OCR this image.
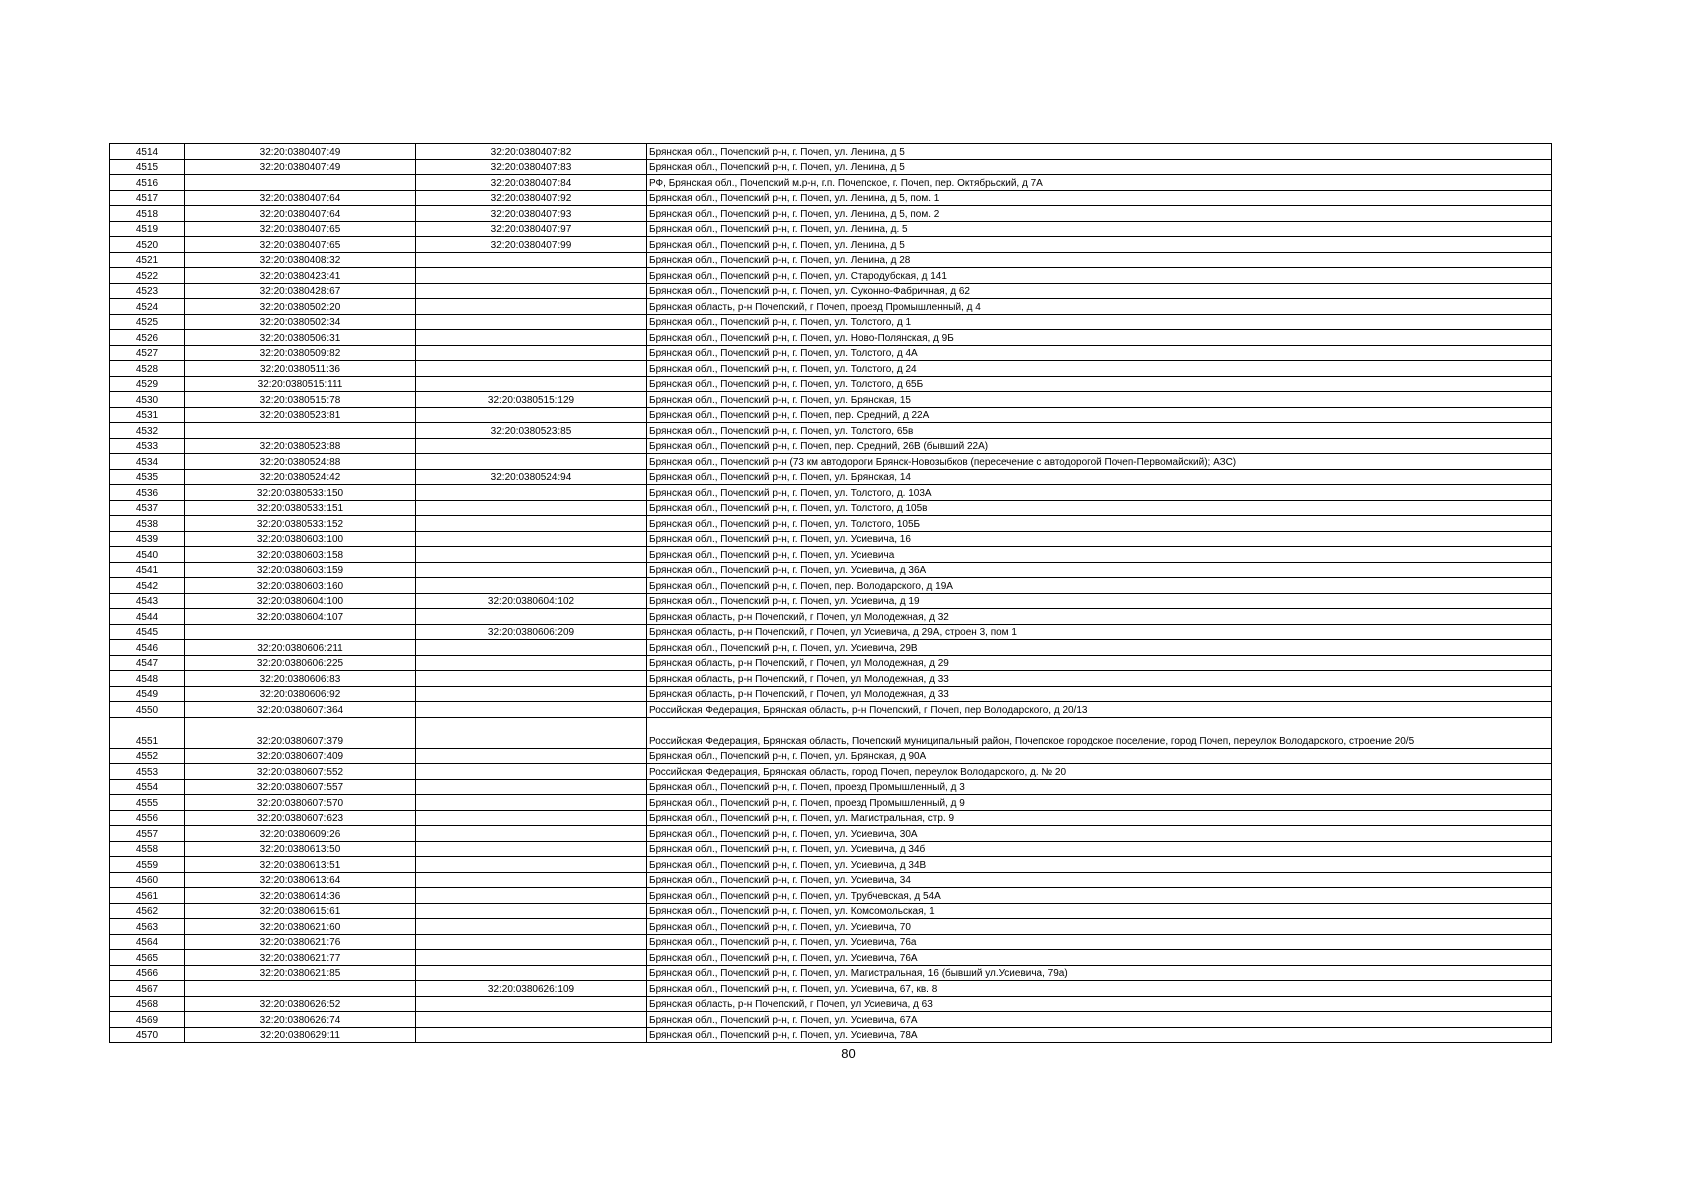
4514	32:20:0380407:49	32:20:0380407:82	Брянская обл., Почепский р-н, г. Почеп, ул. Ленина, д 5
4515	32:20:0380407:49	32:20:0380407:83	Брянская обл., Почепский р-н, г. Почеп, ул. Ленина, д 5
4516		32:20:0380407:84	РФ, Брянская обл., Почепский м.р-н, г.п. Почепское, г. Почеп, пер. Октябрьский, д 7А
4517	32:20:0380407:64	32:20:0380407:92	Брянская обл., Почепский р-н, г. Почеп, ул. Ленина, д 5, пом. 1
4518	32:20:0380407:64	32:20:0380407:93	Брянская обл., Почепский р-н, г. Почеп, ул. Ленина, д 5, пом. 2
4519	32:20:0380407:65	32:20:0380407:97	Брянская обл., Почепский р-н, г. Почеп, ул. Ленина, д. 5
4520	32:20:0380407:65	32:20:0380407:99	Брянская обл., Почепский р-н, г. Почеп, ул. Ленина, д 5
4521	32:20:0380408:32		Брянская обл., Почепский р-н, г. Почеп, ул. Ленина, д 28
4522	32:20:0380423:41		Брянская обл., Почепский р-н, г. Почеп, ул. Стародубская, д 141
4523	32:20:0380428:67		Брянская обл., Почепский р-н, г. Почеп, ул. Суконно-Фабричная, д 62
4524	32:20:0380502:20		Брянская область, р-н Почепский, г Почеп, проезд Промышленный, д 4
4525	32:20:0380502:34		Брянская обл., Почепский р-н, г. Почеп, ул. Толстого, д 1
4526	32:20:0380506:31		Брянская обл., Почепский р-н, г. Почеп, ул. Ново-Полянская, д 9Б
4527	32:20:0380509:82		Брянская обл., Почепский р-н, г. Почеп, ул. Толстого, д 4А
4528	32:20:0380511:36		Брянская обл., Почепский р-н, г. Почеп, ул. Толстого, д 24
4529	32:20:0380515:111		Брянская обл., Почепский р-н, г. Почеп, ул. Толстого, д 65Б
4530	32:20:0380515:78	32:20:0380515:129	Брянская обл., Почепский р-н, г. Почеп, ул. Брянская, 15
4531	32:20:0380523:81		Брянская обл., Почепский р-н, г. Почеп, пер. Средний, д 22А
4532		32:20:0380523:85	Брянская обл., Почепский р-н, г. Почеп, ул. Толстого, 65в
4533	32:20:0380523:88		Брянская обл., Почепский р-н, г. Почеп, пер. Средний, 26В (бывший 22А)
4534	32:20:0380524:88		Брянская обл., Почепский р-н (73 км автодороги Брянск-Новозыбков (пересечение с автодорогой Почеп-Первомайский); АЗС)
4535	32:20:0380524:42	32:20:0380524:94	Брянская обл., Почепский р-н, г. Почеп, ул. Брянская, 14
4536	32:20:0380533:150		Брянская обл., Почепский р-н, г. Почеп, ул. Толстого, д. 103А
4537	32:20:0380533:151		Брянская обл., Почепский р-н, г. Почеп, ул. Толстого, д 105в
4538	32:20:0380533:152		Брянская обл., Почепский р-н, г. Почеп, ул. Толстого, 105Б
4539	32:20:0380603:100		Брянская обл., Почепский р-н, г. Почеп, ул. Усиевича, 16
4540	32:20:0380603:158		Брянская обл., Почепский р-н, г. Почеп, ул. Усиевича
4541	32:20:0380603:159		Брянская обл., Почепский р-н, г. Почеп, ул. Усиевича, д 36А
4542	32:20:0380603:160		Брянская обл., Почепский р-н, г. Почеп, пер. Володарского, д 19А
4543	32:20:0380604:100	32:20:0380604:102	Брянская обл., Почепский р-н, г. Почеп, ул. Усиевича, д 19
4544	32:20:0380604:107		Брянская область, р-н Почепский, г Почеп, ул Молодежная, д 32
4545		32:20:0380606:209	Брянская область, р-н Почепский, г Почеп, ул Усиевича, д 29А, строен 3, пом 1
4546	32:20:0380606:211		Брянская обл., Почепский р-н, г. Почеп, ул. Усиевича, 29В
4547	32:20:0380606:225		Брянская область, р-н Почепский, г Почеп, ул Молодежная, д 29
4548	32:20:0380606:83		Брянская область, р-н Почепский, г Почеп, ул Молодежная, д 33
4549	32:20:0380606:92		Брянская область, р-н Почепский, г Почеп, ул Молодежная, д 33
4550	32:20:0380607:364		Российская Федерация, Брянская область, р-н Почепский, г Почеп, пер Володарского, д 20/13
4551	32:20:0380607:379		Российская Федерация, Брянская область, Почепский муниципальный район, Почепское городское поселение, город Почеп, переулок Володарского, строение 20/5
4552	32:20:0380607:409		Брянская обл., Почепский р-н, г. Почеп, ул. Брянская, д 90А
4553	32:20:0380607:552		Российская Федерация, Брянская область, город Почеп, переулок Володарского, д. № 20
4554	32:20:0380607:557		Брянская обл., Почепский р-н, г. Почеп, проезд Промышленный, д 3
4555	32:20:0380607:570		Брянская обл., Почепский р-н, г. Почеп, проезд Промышленный, д 9
4556	32:20:0380607:623		Брянская обл., Почепский р-н, г. Почеп, ул. Магистральная, стр. 9
4557	32:20:0380609:26		Брянская обл., Почепский р-н, г. Почеп, ул. Усиевича, 30А
4558	32:20:0380613:50		Брянская обл., Почепский р-н, г. Почеп, ул. Усиевича, д 34б
4559	32:20:0380613:51		Брянская обл., Почепский р-н, г. Почеп, ул. Усиевича, д 34В
4560	32:20:0380613:64		Брянская обл., Почепский р-н, г. Почеп, ул. Усиевича, 34
4561	32:20:0380614:36		Брянская обл., Почепский р-н, г. Почеп, ул. Трубчевская, д 54А
4562	32:20:0380615:61		Брянская обл., Почепский р-н, г. Почеп, ул. Комсомольская, 1
4563	32:20:0380621:60		Брянская обл., Почепский р-н, г. Почеп, ул. Усиевича, 70
4564	32:20:0380621:76		Брянская обл., Почепский р-н, г. Почеп, ул. Усиевича, 76а
4565	32:20:0380621:77		Брянская обл., Почепский р-н, г. Почеп, ул. Усиевича, 76А
4566	32:20:0380621:85		Брянская обл., Почепский р-н, г. Почеп, ул. Магистральная, 16 (бывший ул.Усиевича, 79а)
4567		32:20:0380626:109	Брянская обл., Почепский р-н, г. Почеп, ул. Усиевича, 67, кв. 8
4568	32:20:0380626:52		Брянская область, р-н Почепский, г Почеп, ул Усиевича, д 63
4569	32:20:0380626:74		Брянская обл., Почепский р-н, г. Почеп, ул. Усиевича, 67А
4570	32:20:0380629:11		Брянская обл., Почепский р-н, г. Почеп, ул. Усиевича, 78А
80
